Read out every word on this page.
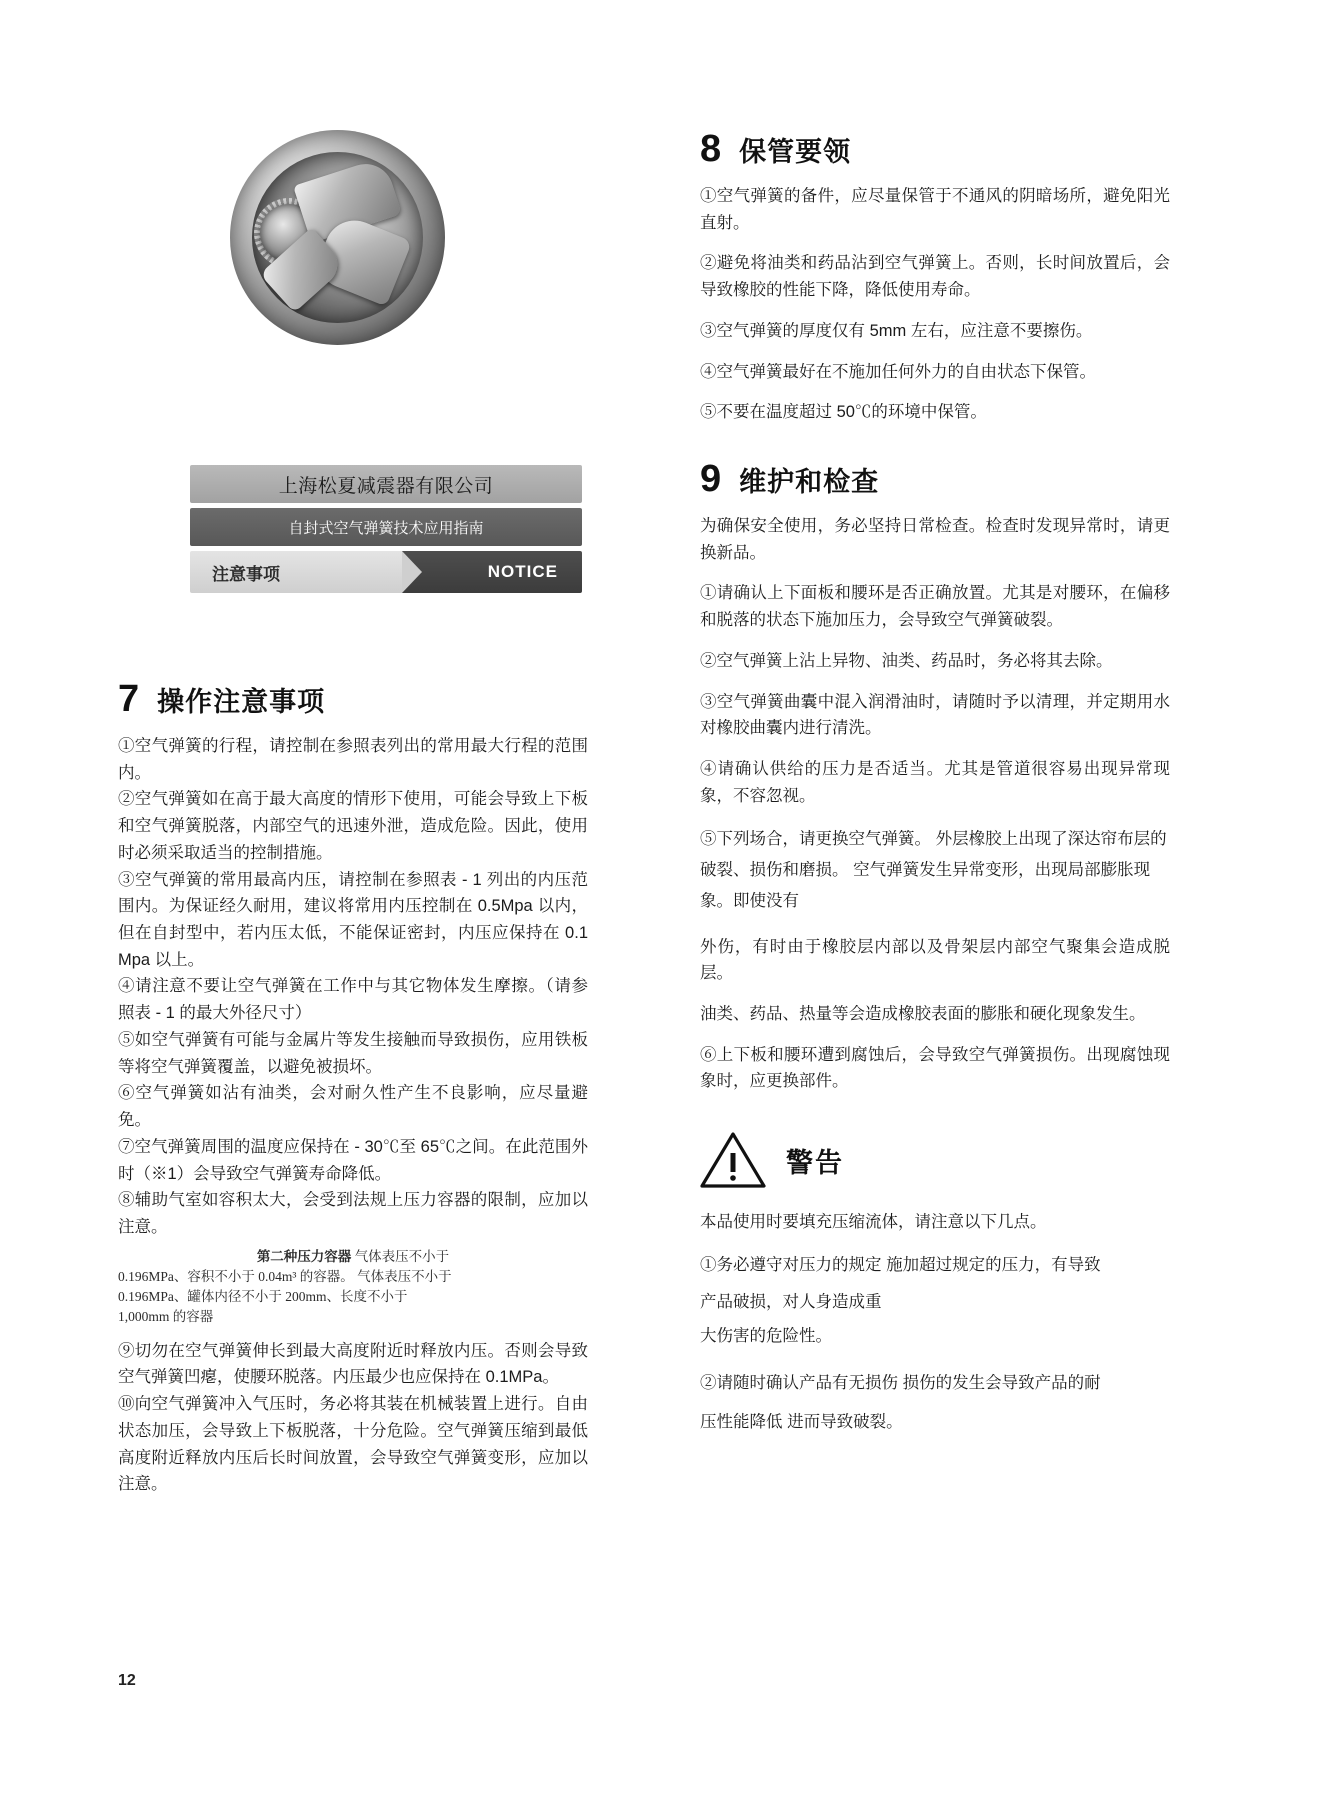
上海松夏减震器有限公司
自封式空气弹簧技术应用指南
注意事项	NOTICE
7 操作注意事项

①空气弹簧的行程，请控制在参照表列出的常用最大行程的范围内。

②空气弹簧如在高于最大高度的情形下使用，可能会导致上下板和空气弹簧脱落，内部空气的迅速外泄，造成危险。因此，使用时必须采取适当的控制措施。

③空气弹簧的常用最高内压，请控制在参照表 - 1 列出的内压范围内。为保证经久耐用，建议将常用内压控制在 0.5Mpa 以内，但在自封型中，若内压太低，不能保证密封，内压应保持在 0.1 Mpa 以上。

④请注意不要让空气弹簧在工作中与其它物体发生摩擦。（请参照表 - 1 的最大外径尺寸）

⑤如空气弹簧有可能与金属片等发生接触而导致损伤，应用铁板等将空气弹簧覆盖，以避免被损坏。

⑥空气弹簧如沾有油类，会对耐久性产生不良影响，应尽量避免。

⑦空气弹簧周围的温度应保持在 - 30℃至 65℃之间。在此范围外时（※1）会导致空气弹簧寿命降低。

⑧辅助气室如容积太大，会受到法规上压力容器的限制，应加以注意。

第二种压力容器 气体表压不小于
0.196MPa、容积不小于 0.04m³ 的容器。 气体表压不小于
0.196MPa、罐体内径不小于 200mm、长度不小于
1,000mm 的容器

⑨切勿在空气弹簧伸长到最大高度附近时释放内压。否则会导致空气弹簧凹瘪，使腰环脱落。内压最少也应保持在 0.1MPa。

⑩向空气弹簧冲入气压时，务必将其装在机械装置上进行。自由状态加压，会导致上下板脱落，十分危险。空气弹簧压缩到最低高度附近释放内压后长时间放置，会导致空气弹簧变形，应加以注意。

8 保管要领

①空气弹簧的备件，应尽量保管于不通风的阴暗场所，避免阳光直射。

②避免将油类和药品沾到空气弹簧上。否则，长时间放置后，会导致橡胶的性能下降，降低使用寿命。

③空气弹簧的厚度仅有 5mm 左右，应注意不要擦伤。

④空气弹簧最好在不施加任何外力的自由状态下保管。

⑤不要在温度超过 50℃的环境中保管。

9 维护和检查

为确保安全使用，务必坚持日常检查。检查时发现异常时，请更换新品。

①请确认上下面板和腰环是否正确放置。尤其是对腰环，在偏移和脱落的状态下施加压力，会导致空气弹簧破裂。

②空气弹簧上沾上异物、油类、药品时，务必将其去除。

③空气弹簧曲囊中混入润滑油时，请随时予以清理，并定期用水对橡胶曲囊内进行清洗。

④请确认供给的压力是否适当。尤其是管道很容易出现异常现象，不容忽视。

⑤下列场合，请更换空气弹簧。 外层橡胶上出现了深达帘布层的破裂、损伤和磨损。 空气弹簧发生异常变形，出现局部膨胀现象。即使没有

外伤，有时由于橡胶层内部以及骨架层内部空气聚集会造成脱层。

油类、药品、热量等会造成橡胶表面的膨胀和硬化现象发生。

⑥上下板和腰环遭到腐蚀后，会导致空气弹簧损伤。出现腐蚀现象时，应更换部件。

警告

本品使用时要填充压缩流体，请注意以下几点。

①务必遵守对压力的规定 施加超过规定的压力，有导致

产品破损，对人身造成重

大伤害的危险性。

②请随时确认产品有无损伤 损伤的发生会导致产品的耐

压性能降低 进而导致破裂。

12
